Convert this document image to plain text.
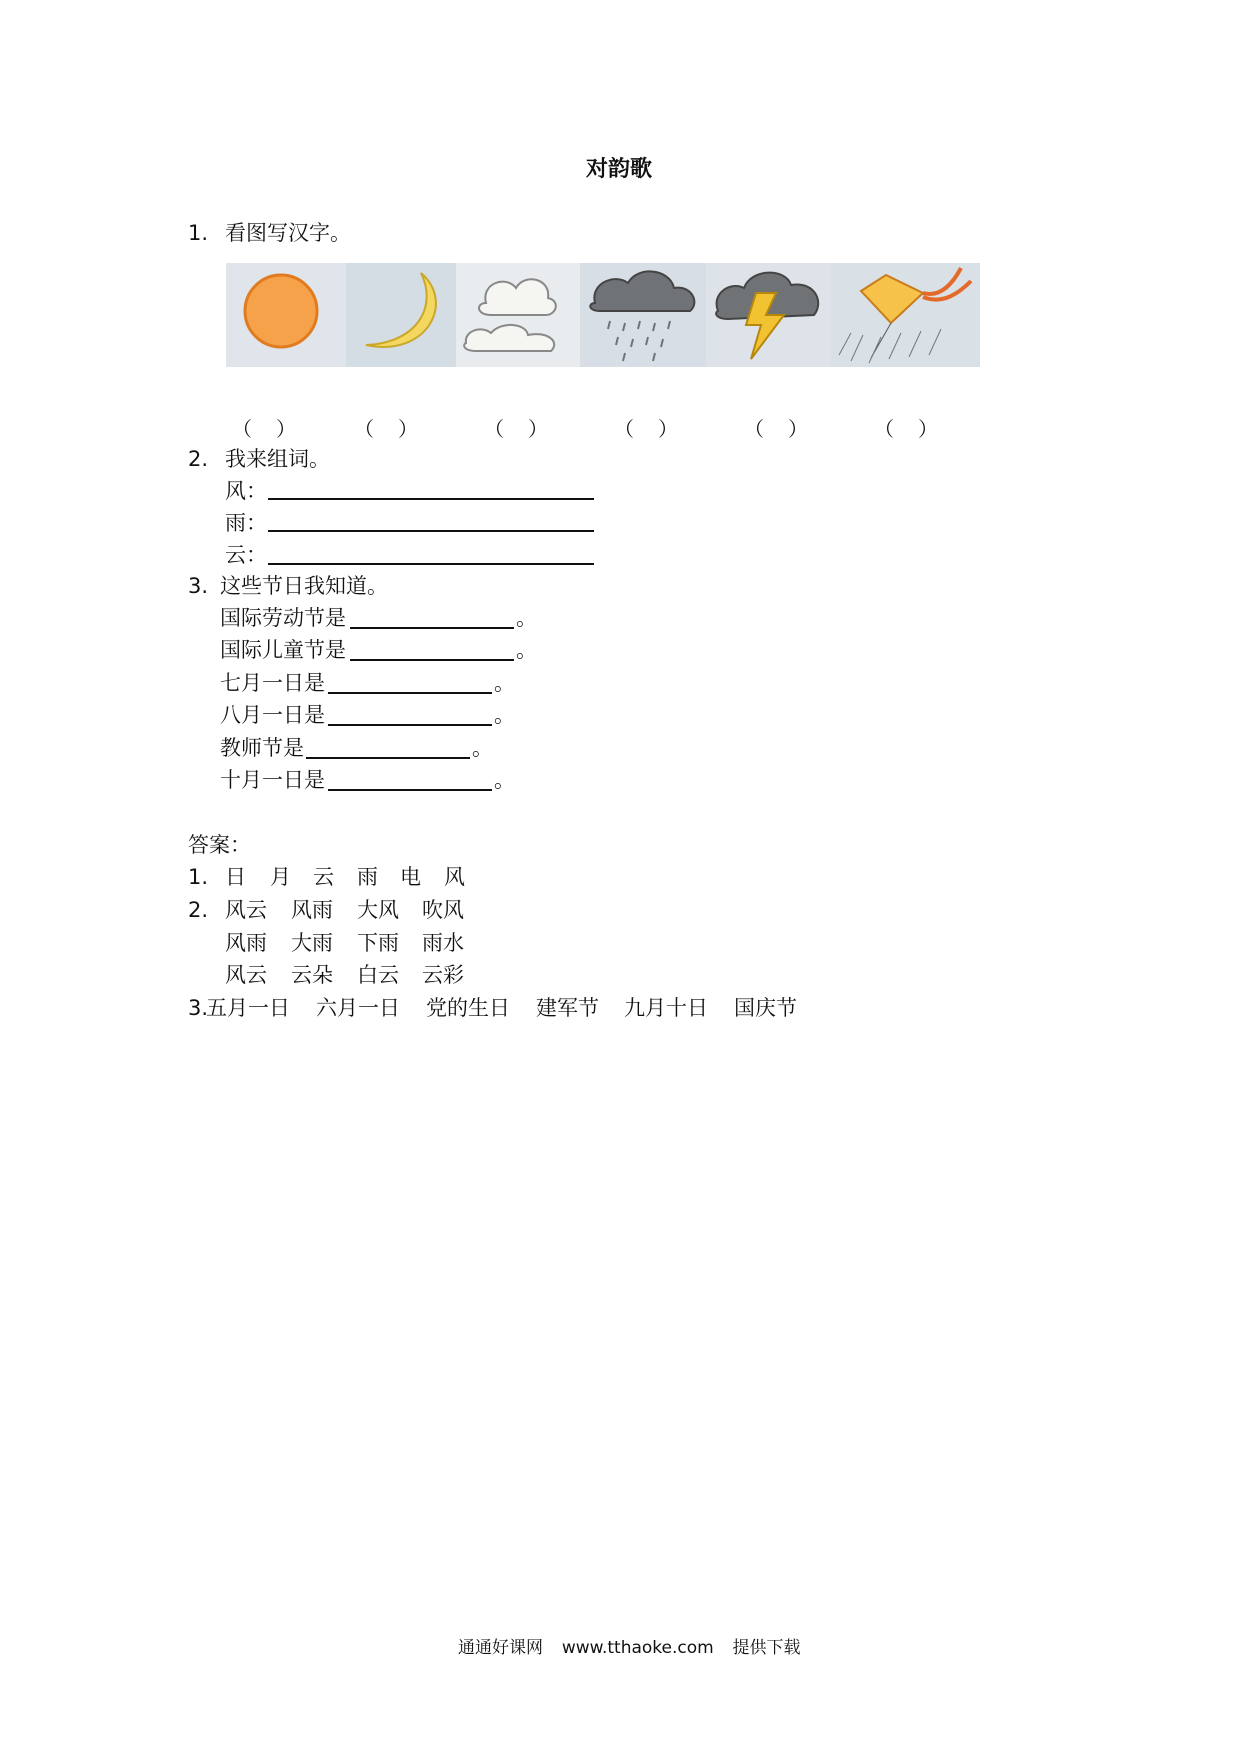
对韵歌
1. 看图写汉字。
（ ）	（ ）	（ ）	（ ）	（ ）	（ ）
2. 我来组词。
风：
雨：
云：
3. 这些节日我知道。
国际劳动节是	。
国际儿童节是	。
七月一日是	。
八月一日是	。
教师节是	。
十月一日是	。
答案：
1. 日 月 云 雨 电 风
2. 风云 风雨 大风 吹风
风雨 大雨 下雨 雨水
风云 云朵 白云 云彩
3.
五月一日 六月一日 党的生日 建军节 九月十日 国庆节
通通好课网 www.tthaoke.com 提供下载
